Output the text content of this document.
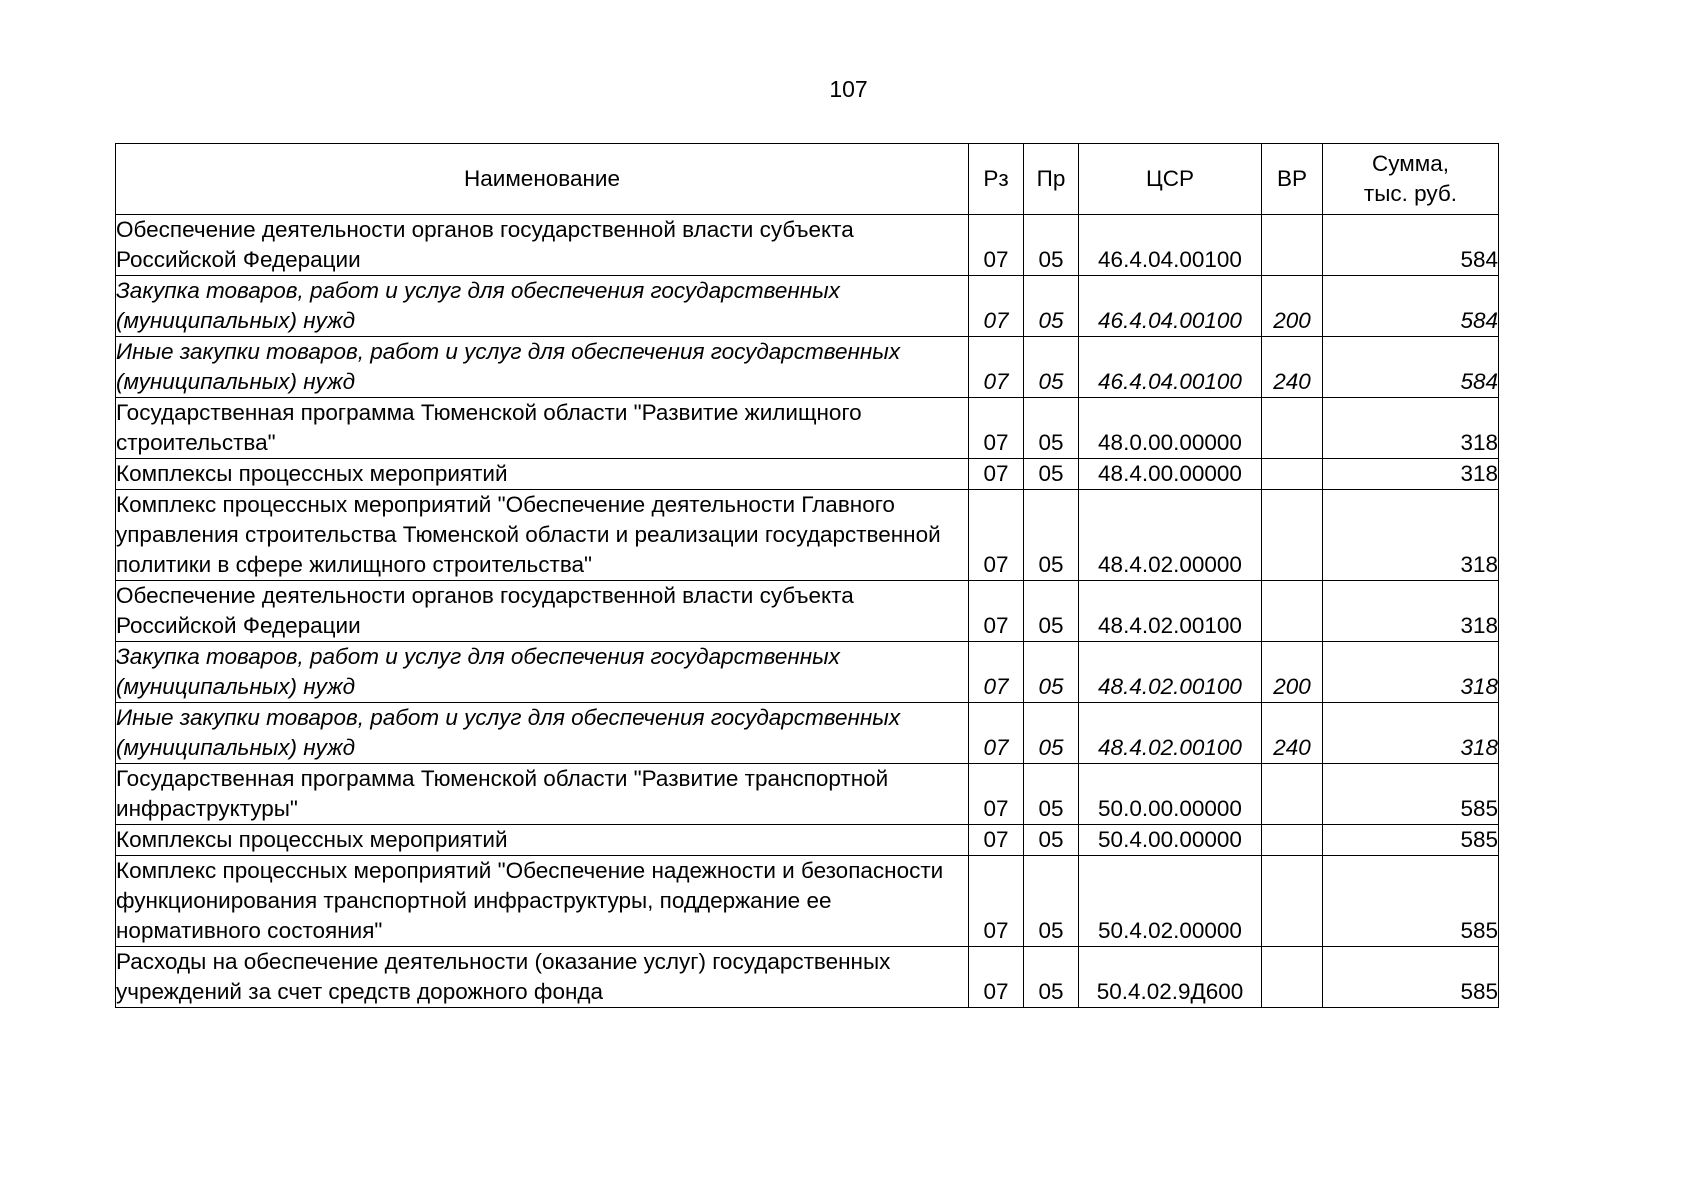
107
Наименование	Рз	Пр	ЦСР	ВР	Сумма,
тыс. руб.

Обеспечение деятельности органов государственной власти субъекта Российской Федерации	07	05	46.4.04.00100		584
Закупка товаров, работ и услуг для обеспечения государственных (муниципальных) нужд	07	05	46.4.04.00100	200	584
Иные закупки товаров, работ и услуг для обеспечения государственных (муниципальных) нужд	07	05	46.4.04.00100	240	584
Государственная программа Тюменской области "Развитие жилищного строительства"	07	05	48.0.00.00000		318
Комплексы процессных мероприятий	07	05	48.4.00.00000		318
Комплекс процессных мероприятий "Обеспечение деятельности Главного управления строительства Тюменской области и реализации государственной политики в сфере жилищного строительства"	07	05	48.4.02.00000		318
Обеспечение деятельности органов государственной власти субъекта Российской Федерации	07	05	48.4.02.00100		318
Закупка товаров, работ и услуг для обеспечения государственных (муниципальных) нужд	07	05	48.4.02.00100	200	318
Иные закупки товаров, работ и услуг для обеспечения государственных (муниципальных) нужд	07	05	48.4.02.00100	240	318
Государственная программа Тюменской области "Развитие транспортной инфраструктуры"	07	05	50.0.00.00000		585
Комплексы процессных мероприятий	07	05	50.4.00.00000		585
Комплекс процессных мероприятий "Обеспечение надежности и безопасности функционирования транспортной инфраструктуры, поддержание ее нормативного состояния"	07	05	50.4.02.00000		585
Расходы на обеспечение деятельности (оказание услуг) государственных учреждений за счет средств дорожного фонда	07	05	50.4.02.9Д600		585
